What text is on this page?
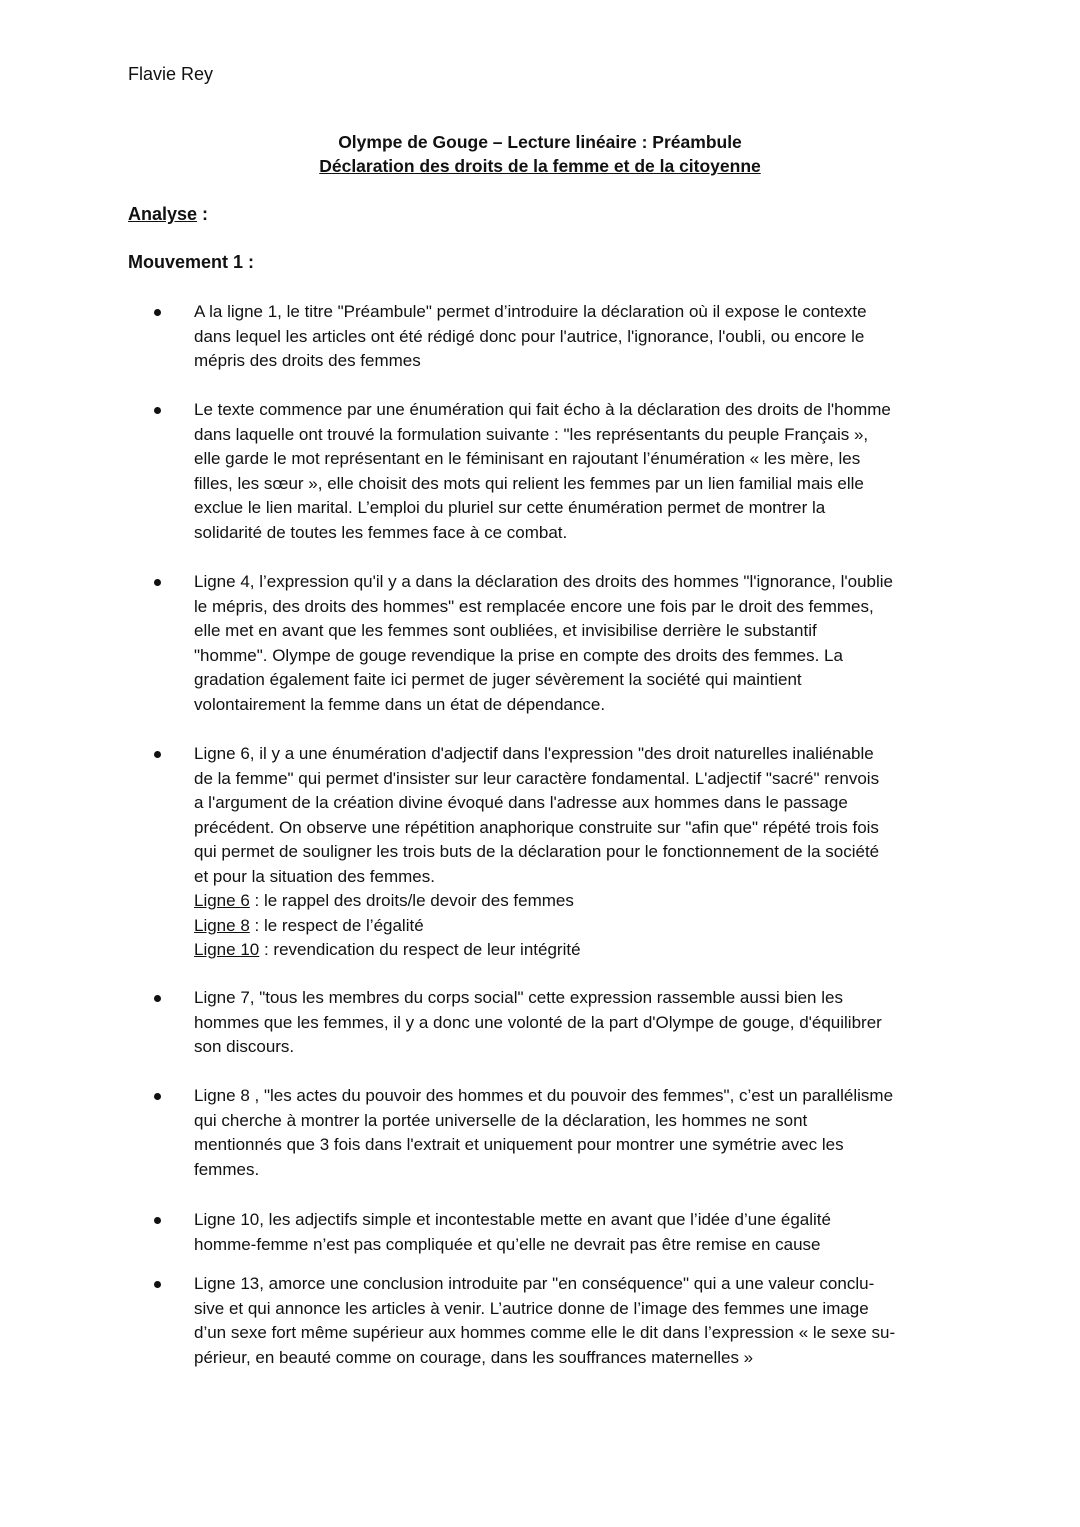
Flavie Rey
Olympe de Gouge – Lecture linéaire : Préambule
Déclaration des droits de la femme et de la citoyenne
Analyse :
Mouvement 1 :
A la ligne 1, le titre "Préambule" permet d’introduire la déclaration où il expose le contexte
dans lequel les articles ont été rédigé donc pour l'autrice, l'ignorance, l'oubli, ou encore le
mépris des droits des femmes
Le texte commence par une énumération qui fait écho à la déclaration des droits de l'homme
dans laquelle ont trouvé la formulation suivante : "les représentants du peuple Français »,
elle garde le mot représentant en le féminisant en rajoutant l’énumération « les mère, les
filles, les sœur », elle choisit des mots qui relient les femmes par un lien familial mais elle
exclue le lien marital. L’emploi du pluriel sur cette énumération permet de montrer la
solidarité de toutes les femmes face à ce combat.
Ligne 4, l’expression qu'il y a dans la déclaration des droits des hommes "l'ignorance, l'oublie
le mépris, des droits des hommes" est remplacée encore une fois par le droit des femmes,
elle met en avant que les femmes sont oubliées, et invisibilise derrière le substantif
"homme". Olympe de gouge revendique la prise en compte des droits des femmes. La
gradation également faite ici permet de juger sévèrement la société qui maintient
volontairement la femme dans un état de dépendance.
Ligne 6, il y a une énumération d'adjectif dans l'expression "des droit naturelles inaliénable
de la femme" qui permet d'insister sur leur caractère fondamental. L'adjectif "sacré" renvois
a l'argument de la création divine évoqué dans l'adresse aux hommes dans le passage
précédent. On observe une répétition anaphorique construite sur "afin que" répété trois fois
qui permet de souligner les trois buts de la déclaration pour le fonctionnement de la société
et pour la situation des femmes.
Ligne 6 : le rappel des droits/le devoir des femmes
Ligne 8 : le respect de l’égalité
Ligne 10 : revendication du respect de leur intégrité
Ligne 7, "tous les membres du corps social" cette expression rassemble aussi bien les
hommes que les femmes, il y a donc une volonté de la part d'Olympe de gouge, d'équilibrer
son discours.
Ligne 8 , "les actes du pouvoir des hommes et du pouvoir des femmes", c’est un parallélisme
qui cherche à montrer la portée universelle de la déclaration, les hommes ne sont
mentionnés que 3 fois dans l'extrait et uniquement pour montrer une symétrie avec les
femmes.
Ligne 10, les adjectifs simple et incontestable mette en avant que l’idée d’une égalité
homme-femme n’est pas compliquée et qu’elle ne devrait pas être remise en cause
Ligne 13, amorce une conclusion introduite par "en conséquence" qui a une valeur conclu-
sive et qui annonce les articles à venir. L’autrice donne de l’image des femmes une image
d’un sexe fort même supérieur aux hommes comme elle le dit dans l’expression « le sexe su-
périeur, en beauté comme on courage, dans les souffrances maternelles »
